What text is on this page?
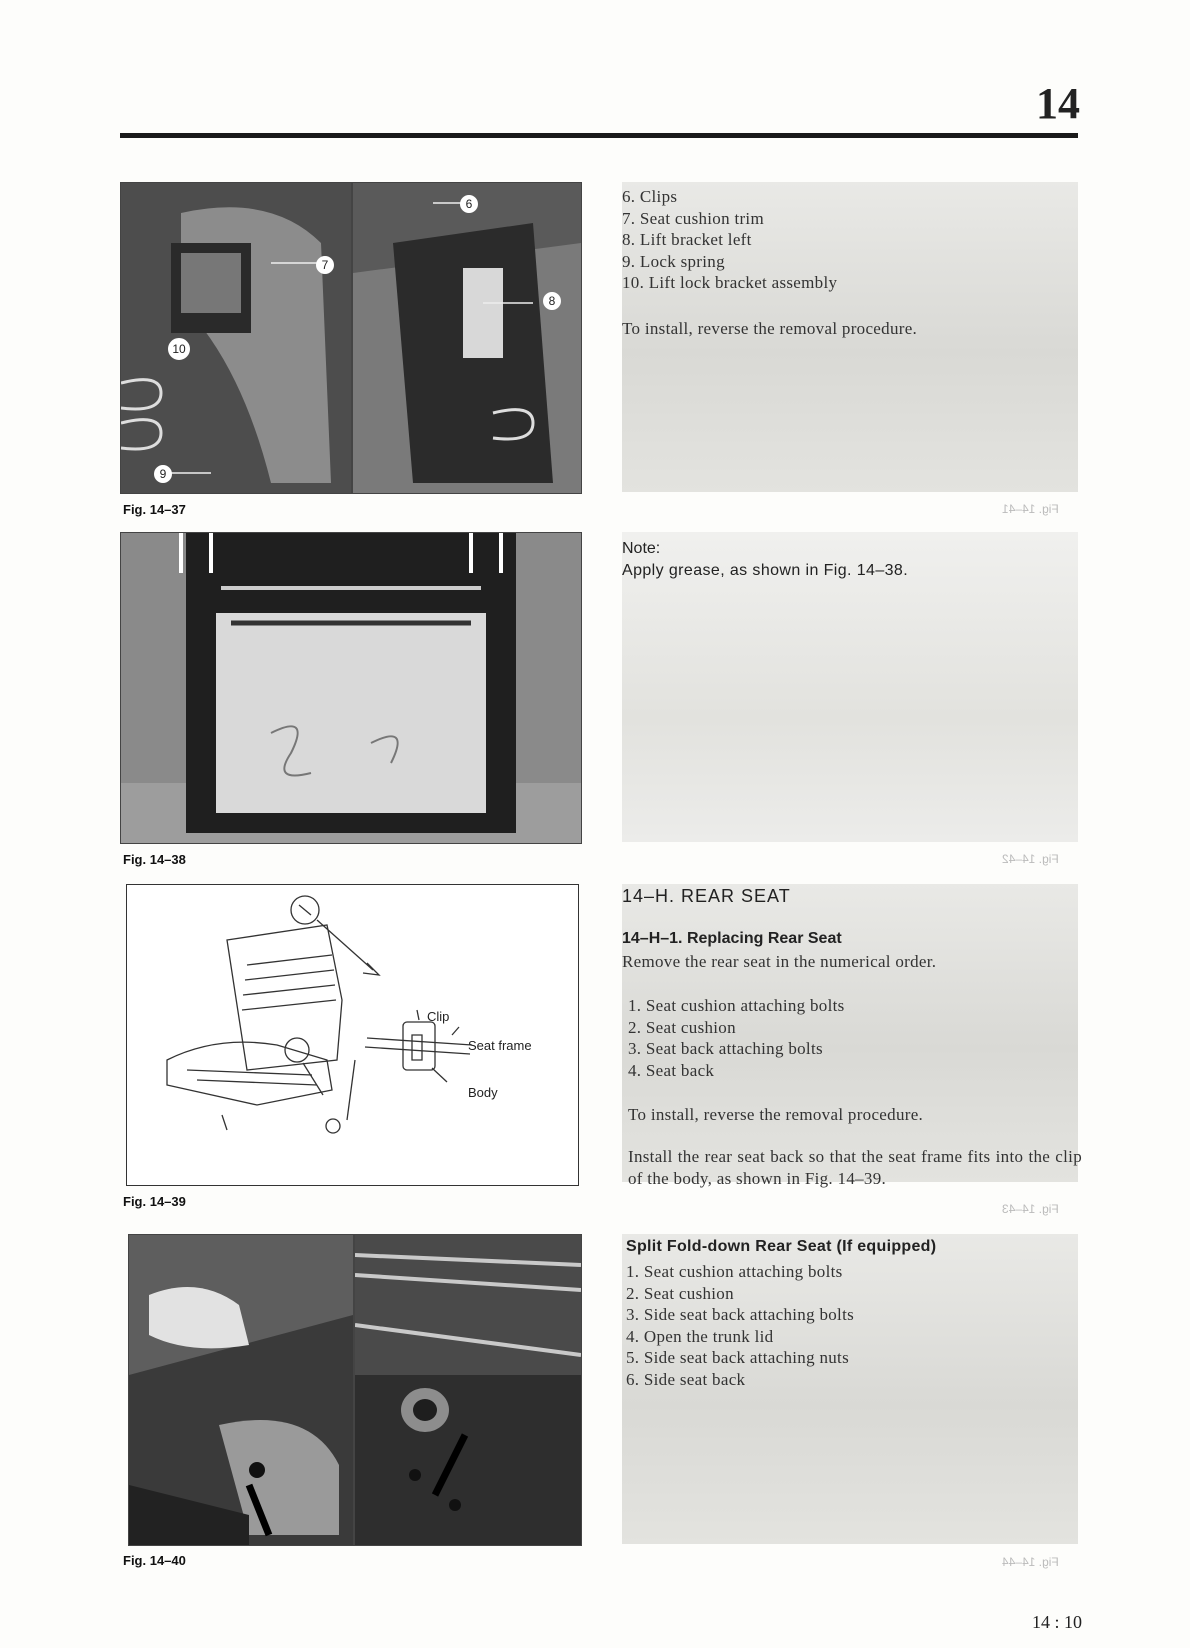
14
7
10
9
6
8
Fig. 14–37
6. Clips
7. Seat cushion trim
8. Lift bracket left
9. Lock spring
10. Lift lock bracket assembly
To install, reverse the removal procedure.
Fig. 14–41
Fig. 14–38
Note:
Apply grease, as shown in Fig. 14–38.
Fig. 14–42
Clip
Seat frame
Body
Fig. 14–39
14–H. REAR SEAT
14–H–1. Replacing Rear Seat
Remove the rear seat in the numerical order.
1. Seat cushion attaching bolts
2. Seat cushion
3. Seat back attaching bolts
4. Seat back
To install, reverse the removal procedure.
Install the rear seat back so that the seat frame fits into the clip of the body, as shown in Fig. 14–39.
Fig. 14–43
Fig. 14–40
Split Fold-down Rear Seat (If equipped)
1. Seat cushion attaching bolts
2. Seat cushion
3. Side seat back attaching bolts
4. Open the trunk lid
5. Side seat back attaching nuts
6. Side seat back
Fig. 14–44
14 : 10
